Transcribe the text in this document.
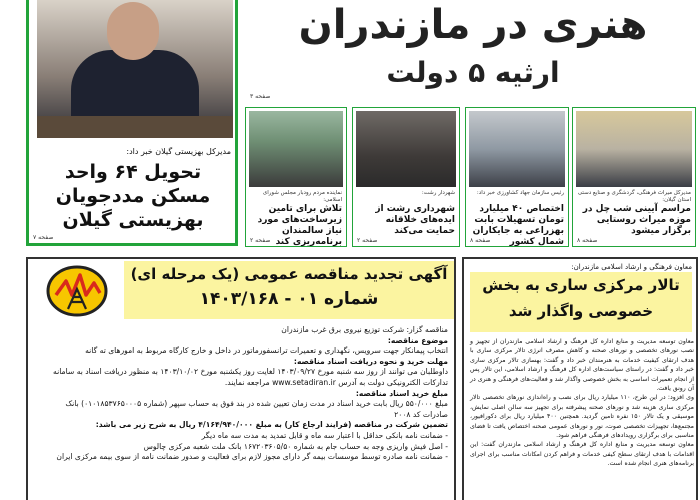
هنری در مازندران
ارثیه ۵ دولت
صفحه ۳
مدیرکل بهزیستی گیلان خبر داد:
تحویل ۶۴ واحد
مسکن مددجویان
بهزیستی گیلان
صفحه ۷
مدیرکل میراث فرهنگی، گردشگری و صنایع دستی استان گیلان:
مراسم آیینی شب چل در موزه میراث روستایی برگزار میشود
صفحه ۸
رئیس سازمان جهاد کشاورزی خبر داد:
اختصاص ۴۰ میلیارد تومان تسهیلات بابت بهزراعی به جایکاران شمال کشور
صفحه ۸
شهردار رشت:
شهرداری رشت از ایده‌های خلاقانه حمایت می‌کند
صفحه ۲
نماینده مردم رودبار مجلس شورای اسلامی:
تلاش برای تامین زیرساخت‌های مورد نیاز سالمندان برنامه‌ریزی کند
صفحه ۲
آگهی تجدید مناقصه عمومی (یک مرحله ای)
شماره ۰۱ - ۱۴۰۳/۱۶۸

مناقصه گزار: شرکت توزیع نیروی برق غرب مازندران

موضوع مناقصه:

انتخاب پیمانکار جهت سرویس، نگهداری و تعمیرات ترانسفورماتور در داخل و خارج کارگاه مربوط به امورهای ته گانه

مهلت خرید و نحوه دریافت اسناد مناقصه:

داوطلبان می توانند از روز سه شنبه مورخ ۱۴۰۳/۰۹/۲۷ لغایت روز یکشنبه مورخ ۱۴۰۳/۱۰/۰۲ به منظور دریافت اسناد به سامانه

تدارکات الکترونیکی دولت به آدرس www.setadiran.ir مراجعه نمایند.

مبلغ خرید اسناد مناقصه:

مبلغ ۵۵۰/۰۰۰ ریال بابت خرید اسناد در مدت زمان تعیین شده در بند فوق به حساب سپهر (شماره ۰۱۰۱۸۵۳۷۶۵۰۰۰۵) بانک

صادرات کد ۲۰۰۸

تضمین شرکت در مناقصه (فرایند ارجاع کار) به مبلغ ۴/۱۶۴/۹۴۰/۰۰۰ ریال به شرح زیر می باشد:

- ضمانت نامه بانکی حداقل با اعتبار سه ماه و قابل تمدید به مدت سه ماه دیگر

- اصل فیش واریزی وجه به حساب جام به شماره ۱۶۷۲۰۳۶۰۵/۵۰ بانک ملت شعبه مرکزی چالوس

- ضمانت نامه صادره توسط موسسات بیمه گر دارای مجوز لازم برای فعالیت و صدور ضمانت نامه از سوی بیمه مرکزی ایران

معاون فرهنگی و ارشاد اسلامی مازندران:
تالار مرکزی ساری به بخش
خصوصی واگذار شد

معاون توسعه مدیریت و منابع اداره کل فرهنگ و ارشاد اسلامی مازندران از تجهیز و نصب نورهای تخصصی و نورهای صحنه و کاهش مصرف انرژی تالار مرکزی ساری با هدف ارتقای کیفیت خدمات به هنرمندان خبر داد و گفت: بهسازی تالار مرکزی ساری خبر داد و گفت: در راستای سیاست‌های اداره کل فرهنگ و ارشاد اسلامی، این تالار پس از انجام تعمیرات اساسی به بخش خصوصی واگذار شد و فعالیت‌های فرهنگی و هنری در آن رونق یافت.

وی افزود: در این طرح، ۱۱۰ میلیارد ریال برای نصب و راه‌اندازی نورهای تخصصی تالار مرکزی ساری هزینه شد و نورهای صحنه پیشرفته برای تجهیز سه سالن اصلی نمایش، موسیقی و یک تالار ۱۵۰ نفره تامین گردید. همچنین ۴۰۰ میلیارد ریال برای دکورافیور، مجتمع‌ها، تجهیزات تخصصی صوت، نور و نورهای عمومی صحنه اختصاص یافت تا فضای مناسبی برای برگزاری رویدادهای فرهنگی فراهم شود.

معاون توسعه مدیریت و منابع اداره کل فرهنگ و ارشاد اسلامی مازندران گفت: این اقدامات با هدف ارتقای سطح کیفی خدمات و فراهم کردن امکانات مناسب برای اجرای برنامه‌های هنری انجام شده است.
